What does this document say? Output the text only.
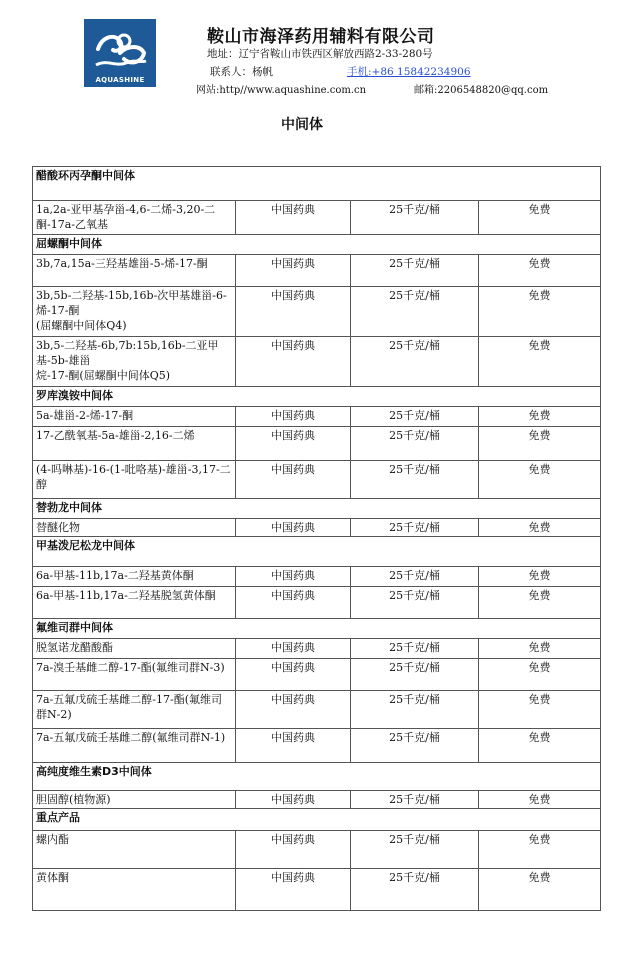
AQUASHINE
鞍山市海泽药用辅料有限公司
地址：辽宁省鞍山市铁西区解放西路2-33-280号
联系人：杨帆	手机:+86 15842234906
网站:http//www.aquashine.com.cn	邮箱:2206548820@qq.com
中间体
醋酸环丙孕酮中间体			
1a,2a-亚甲基孕甾-4,6-二烯-3,20-二酮-17a-乙氧基	中国药典	25千克/桶	免费
屈螺酮中间体			
3b,7a,15a-三羟基雄甾-5-烯-17-酮	中国药典	25千克/桶	免费
3b,5b-二羟基-15b,16b-次甲基雄甾-6-烯-17-酮
(屈螺酮中间体Q4)	中国药典	25千克/桶	免费
3b,5-二羟基-6b,7b:15b,16b-二亚甲基-5b-雄甾
烷-17-酮(屈螺酮中间体Q5)	中国药典	25千克/桶	免费
罗库溴铵中间体			
5a-雄甾-2-烯-17-酮	中国药典	25千克/桶	免费
17-乙酰氧基-5a-雄甾-2,16-二烯	中国药典	25千克/桶	免费
(4-吗啉基)-16-(1-吡咯基)-雄甾-3,17-二醇	中国药典	25千克/桶	免费
替勃龙中间体			
替醚化物	中国药典	25千克/桶	免费
甲基泼尼松龙中间体			
6a-甲基-11b,17a-二羟基黄体酮	中国药典	25千克/桶	免费
6a-甲基-11b,17a-二羟基脱氢黄体酮	中国药典	25千克/桶	免费
氟维司群中间体			
脱氢诺龙醋酸酯	中国药典	25千克/桶	免费
7a-溴壬基雌二醇-17-酯(氟维司群N-3)	中国药典	25千克/桶	免费
7a-五氟戊硫壬基雌二醇-17-酯(氟维司群N-2)	中国药典	25千克/桶	免费
7a-五氟戊硫壬基雌二醇(氟维司群N-1)	中国药典	25千克/桶	免费
高纯度维生素D3中间体			
胆固醇(植物源)	中国药典	25千克/桶	免费
重点产品			
螺内酯	中国药典	25千克/桶	免费
黄体酮	中国药典	25千克/桶	免费
